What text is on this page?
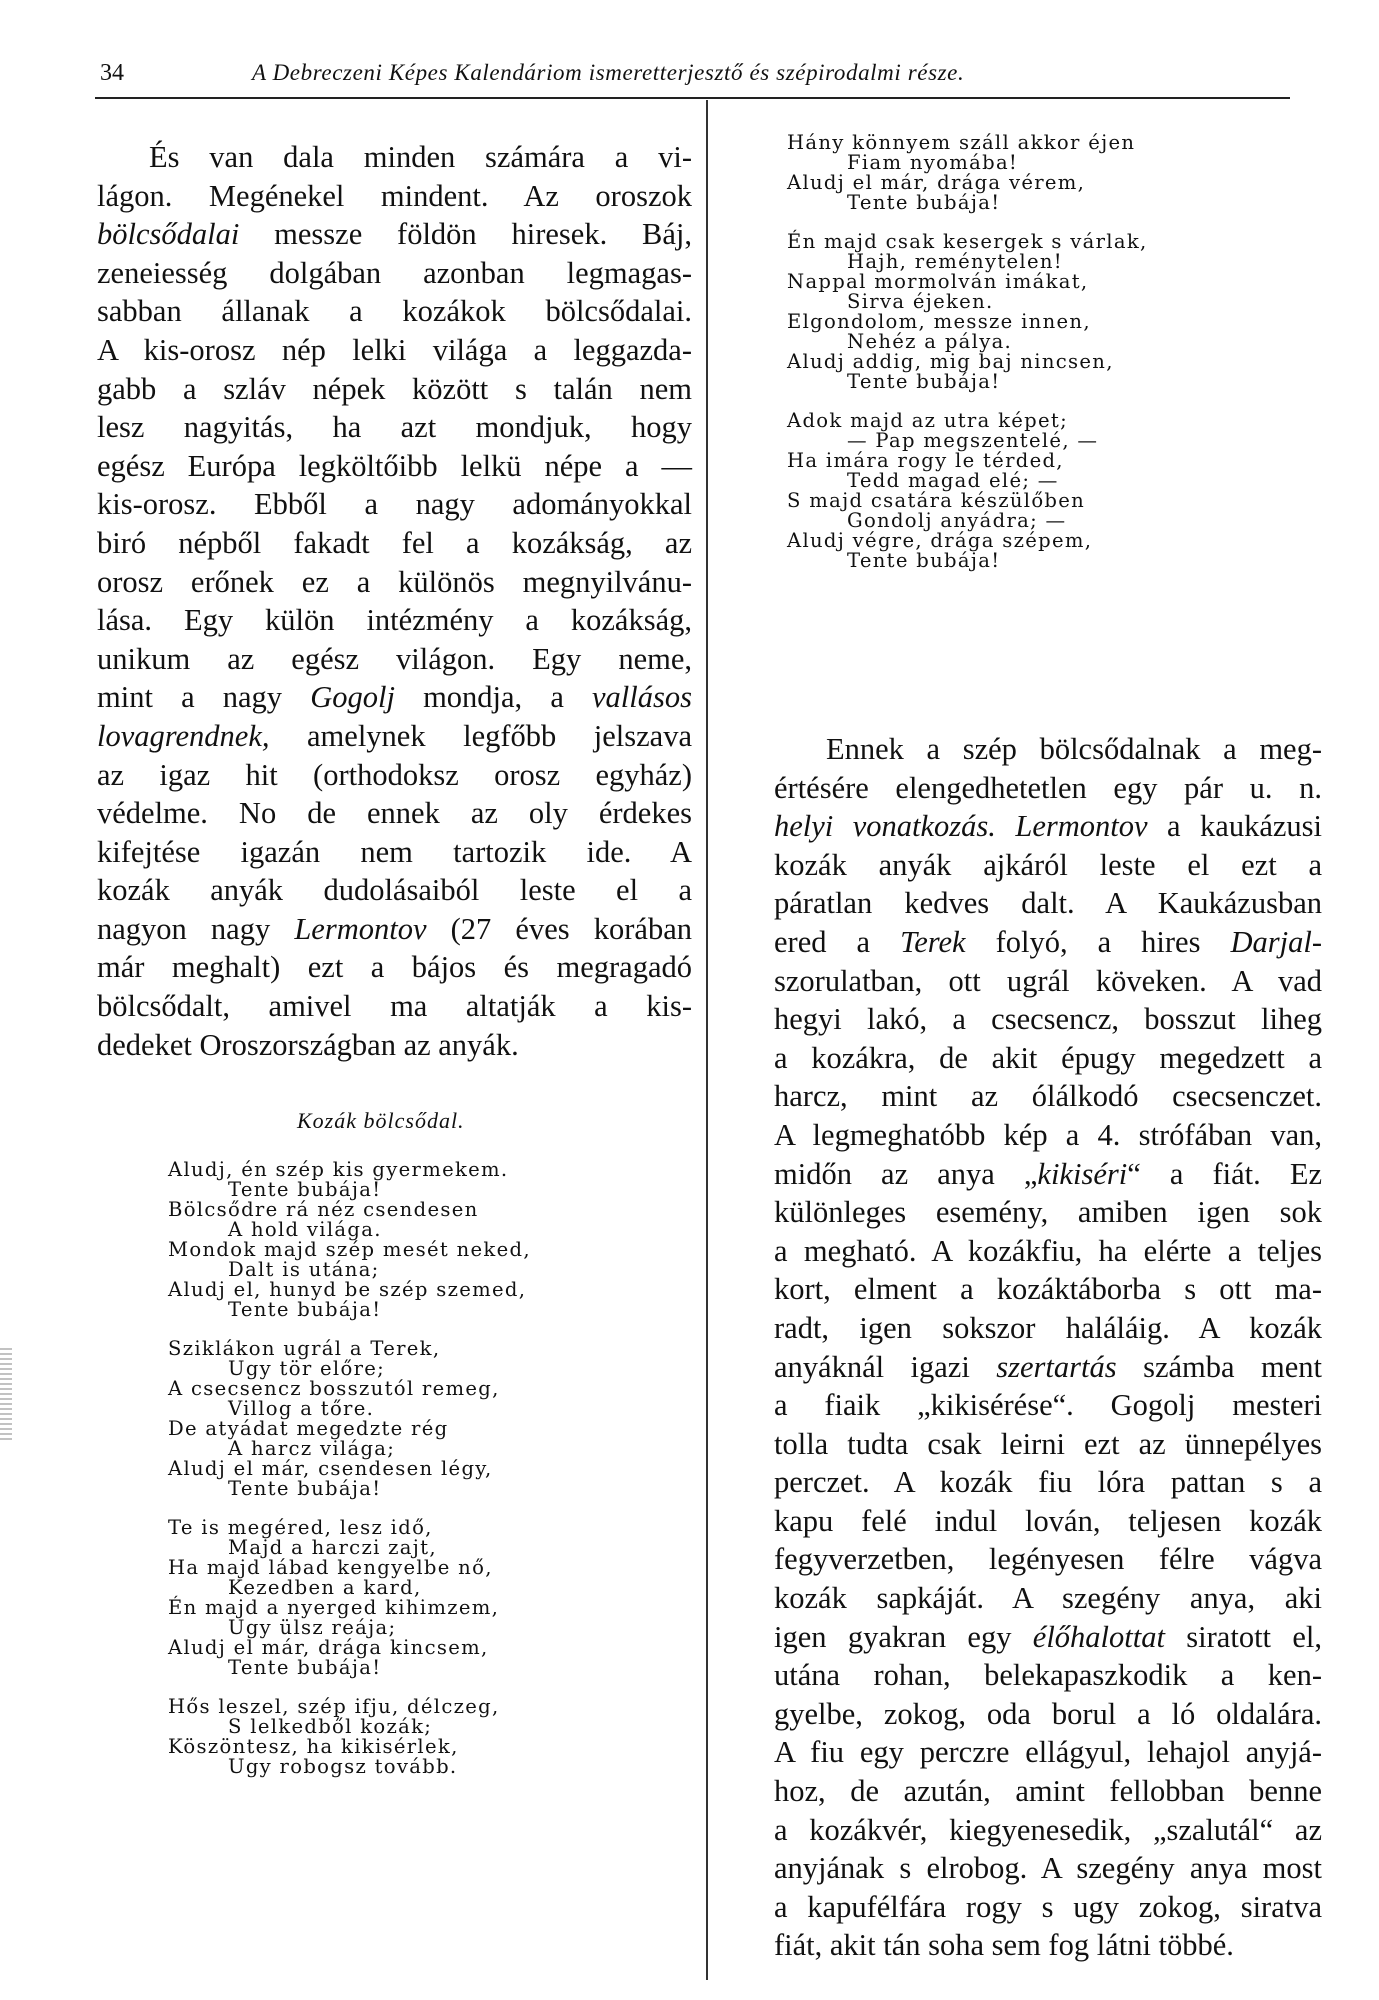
34	A Debreczeni Képes Kalendáriom ismeretterjesztő és szépirodalmi része.
És van dala minden számára a vi-
lágon. Megénekel mindent. Az oroszok
bölcsődalai messze földön hiresek. Báj,
zeneiesség dolgában azonban legmagas-
sabban állanak a kozákok bölcsődalai.
A kis-orosz nép lelki világa a leggazda-
gabb a szláv népek között s talán nem
lesz nagyitás, ha azt mondjuk, hogy
egész Európa legköltőibb lelkü népe a —
kis-orosz. Ebből a nagy adományokkal
biró népből fakadt fel a kozákság, az
orosz erőnek ez a különös megnyilvánu-
lása. Egy külön intézmény a kozákság,
unikum az egész világon. Egy neme,
mint a nagy Gogolj mondja, a vallásos
lovagrendnek, amelynek legfőbb jelszava
az igaz hit (orthodoksz orosz egyház)
védelme. No de ennek az oly érdekes
kifejtése igazán nem tartozik ide. A
kozák anyák dudolásaiból leste el a
nagyon nagy Lermontov (27 éves korában
már meghalt) ezt a bájos és megragadó
bölcsődalt, amivel ma altatják a kis-
dedeket Oroszországban az anyák.
Kozák bölcsődal.
Aludj, én szép kis gyermekem.
Tente bubája!
Bölcsődre rá néz csendesen
A hold világa.
Mondok majd szép mesét neked,
Dalt is utána;
Aludj el, hunyd be szép szemed,
Tente bubája!
Sziklákon ugrál a Terek,
Ugy tör előre;
A csecsencz bosszutól remeg,
Villog a tőre.
De atyádat megedzte rég
A harcz világa;
Aludj el már, csendesen légy,
Tente bubája!
Te is megéred, lesz idő,
Majd a harczi zajt,
Ha majd lábad kengyelbe nő,
Kezedben a kard,
Én majd a nyerged kihimzem,
Ugy ülsz reája;
Aludj el már, drága kincsem,
Tente bubája!
Hős leszel, szép ifju, délczeg,
S lelkedből kozák;
Köszöntesz, ha kikisérlek,
Ugy robogsz tovább.
Hány könnyem száll akkor éjen
Fiam nyomába!
Aludj el már, drága vérem,
Tente bubája!
Én majd csak kesergek s várlak,
Hajh, reménytelen!
Nappal mormolván imákat,
Sirva éjeken.
Elgondolom, messze innen,
Nehéz a pálya.
Aludj addig, mig baj nincsen,
Tente bubája!
Adok majd az utra képet;
— Pap megszentelé, —
Ha imára rogy le térded,
Tedd magad elé; —
S majd csatára készülőben
Gondolj anyádra; —
Aludj végre, drága szépem,
Tente bubája!
Ennek a szép bölcsődalnak a meg-
értésére elengedhetetlen egy pár u. n.
helyi vonatkozás. Lermontov a kaukázusi
kozák anyák ajkáról leste el ezt a
páratlan kedves dalt. A Kaukázusban
ered a Terek folyó, a hires Darjal-
szorulatban, ott ugrál köveken. A vad
hegyi lakó, a csecsencz, bosszut liheg
a kozákra, de akit épugy megedzett a
harcz, mint az ólálkodó csecsenczet.
A legmeghatóbb kép a 4. strófában van,
midőn az anya „kikiséri“ a fiát. Ez
különleges esemény, amiben igen sok
a megható. A kozákfiu, ha elérte a teljes
kort, elment a kozáktáborba s ott ma-
radt, igen sokszor haláláig. A kozák
anyáknál igazi szertartás számba ment
a fiaik „kikisérése“. Gogolj mesteri
tolla tudta csak leirni ezt az ünnepélyes
perczet. A kozák fiu lóra pattan s a
kapu felé indul lován, teljesen kozák
fegyverzetben, legényesen félre vágva
kozák sapkáját. A szegény anya, aki
igen gyakran egy élőhalottat siratott el,
utána rohan, belekapaszkodik a ken-
gyelbe, zokog, oda borul a ló oldalára.
A fiu egy perczre ellágyul, lehajol anyjá-
hoz, de azután, amint fellobban benne
a kozákvér, kiegyenesedik, „szalutál“ az
anyjának s elrobog. A szegény anya most
a kapufélfára rogy s ugy zokog, siratva
fiát, akit tán soha sem fog látni többé.
